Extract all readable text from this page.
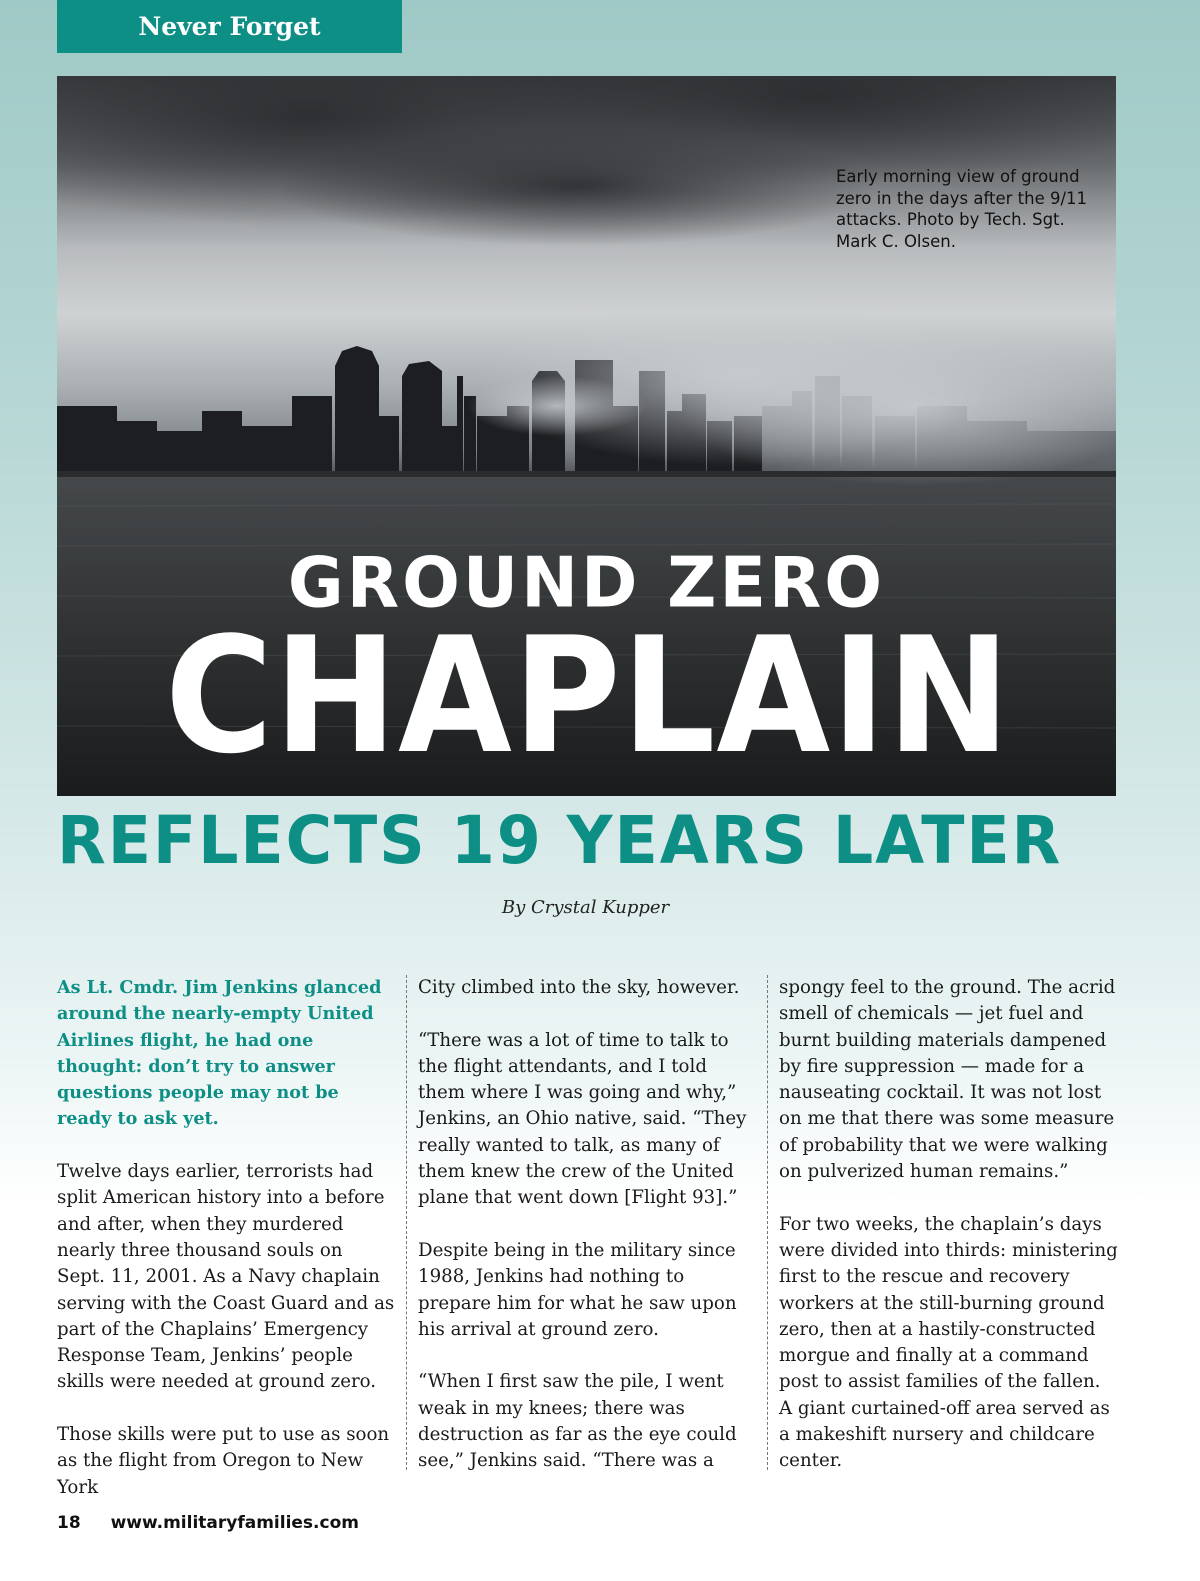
Never Forget
Early morning view of ground zero in the days after the 9/11 attacks. Photo by Tech. Sgt. Mark C. Olsen.
GROUND ZERO
CHAPLAIN
REFLECTS 19 YEARS LATER
By Crystal Kupper

As Lt. Cmdr. Jim Jenkins glanced around the nearly-empty United Airlines flight, he had one thought: don’t try to answer questions people may not be ready to ask yet.

Twelve days earlier, terrorists had split American history into a before and after, when they murdered nearly three thousand souls on Sept. 11, 2001. As a Navy chaplain serving with the Coast Guard and as part of the Chaplains’ Emergency Response Team, Jenkins’ people skills were needed at ground zero.

Those skills were put to use as soon as the flight from Oregon to New York

City climbed into the sky, however.

“There was a lot of time to talk to the flight attendants, and I told them where I was going and why,” Jenkins, an Ohio native, said. “They really wanted to talk, as many of them knew the crew of the United plane that went down [Flight 93].”

Despite being in the military since 1988, Jenkins had nothing to prepare him for what he saw upon his arrival at ground zero.

“When I first saw the pile, I went weak in my knees; there was destruction as far as the eye could see,” Jenkins said. “There was a

spongy feel to the ground. The acrid smell of chemicals — jet fuel and burnt building materials dampened by fire suppression — made for a nauseating cocktail. It was not lost on me that there was some measure of probability that we were walking on pulverized human remains.”

For two weeks, the chaplain’s days were divided into thirds: ministering first to the rescue and recovery workers at the still-burning ground zero, then at a hastily-constructed morgue and finally at a command post to assist families of the fallen. A giant curtained-off area served as a makeshift nursery and childcare center.

18 www.militaryfamilies.com
